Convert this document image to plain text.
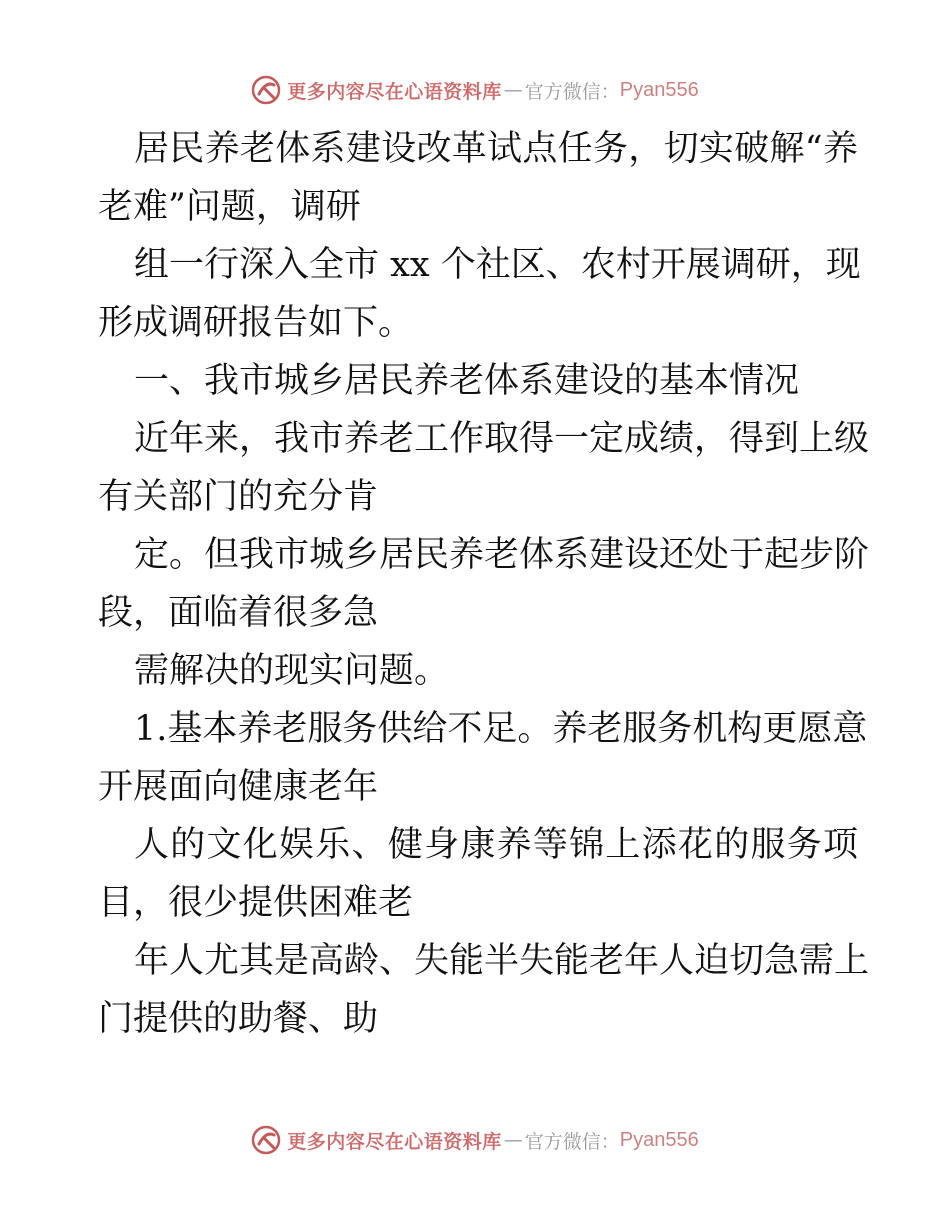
更多内容尽在心语资料库 — 官方微信： Pyan556
居民养老体系建设改革试点任务，切实破解“养
老难”问题，调研
组一行深入全市 xx 个社区、农村开展调研，现
形成调研报告如下。
一、我市城乡居民养老体系建设的基本情况
近年来，我市养老工作取得一定成绩，得到上级
有关部门的充分肯
定。但我市城乡居民养老体系建设还处于起步阶
段，面临着很多急
需解决的现实问题。
1.基本养老服务供给不足。养老服务机构更愿意
开展面向健康老年
人的文化娱乐、健身康养等锦上添花的服务项
目，很少提供困难老
年人尤其是高龄、失能半失能老年人迫切急需上
门提供的助餐、助
更多内容尽在心语资料库 — 官方微信： Pyan556
